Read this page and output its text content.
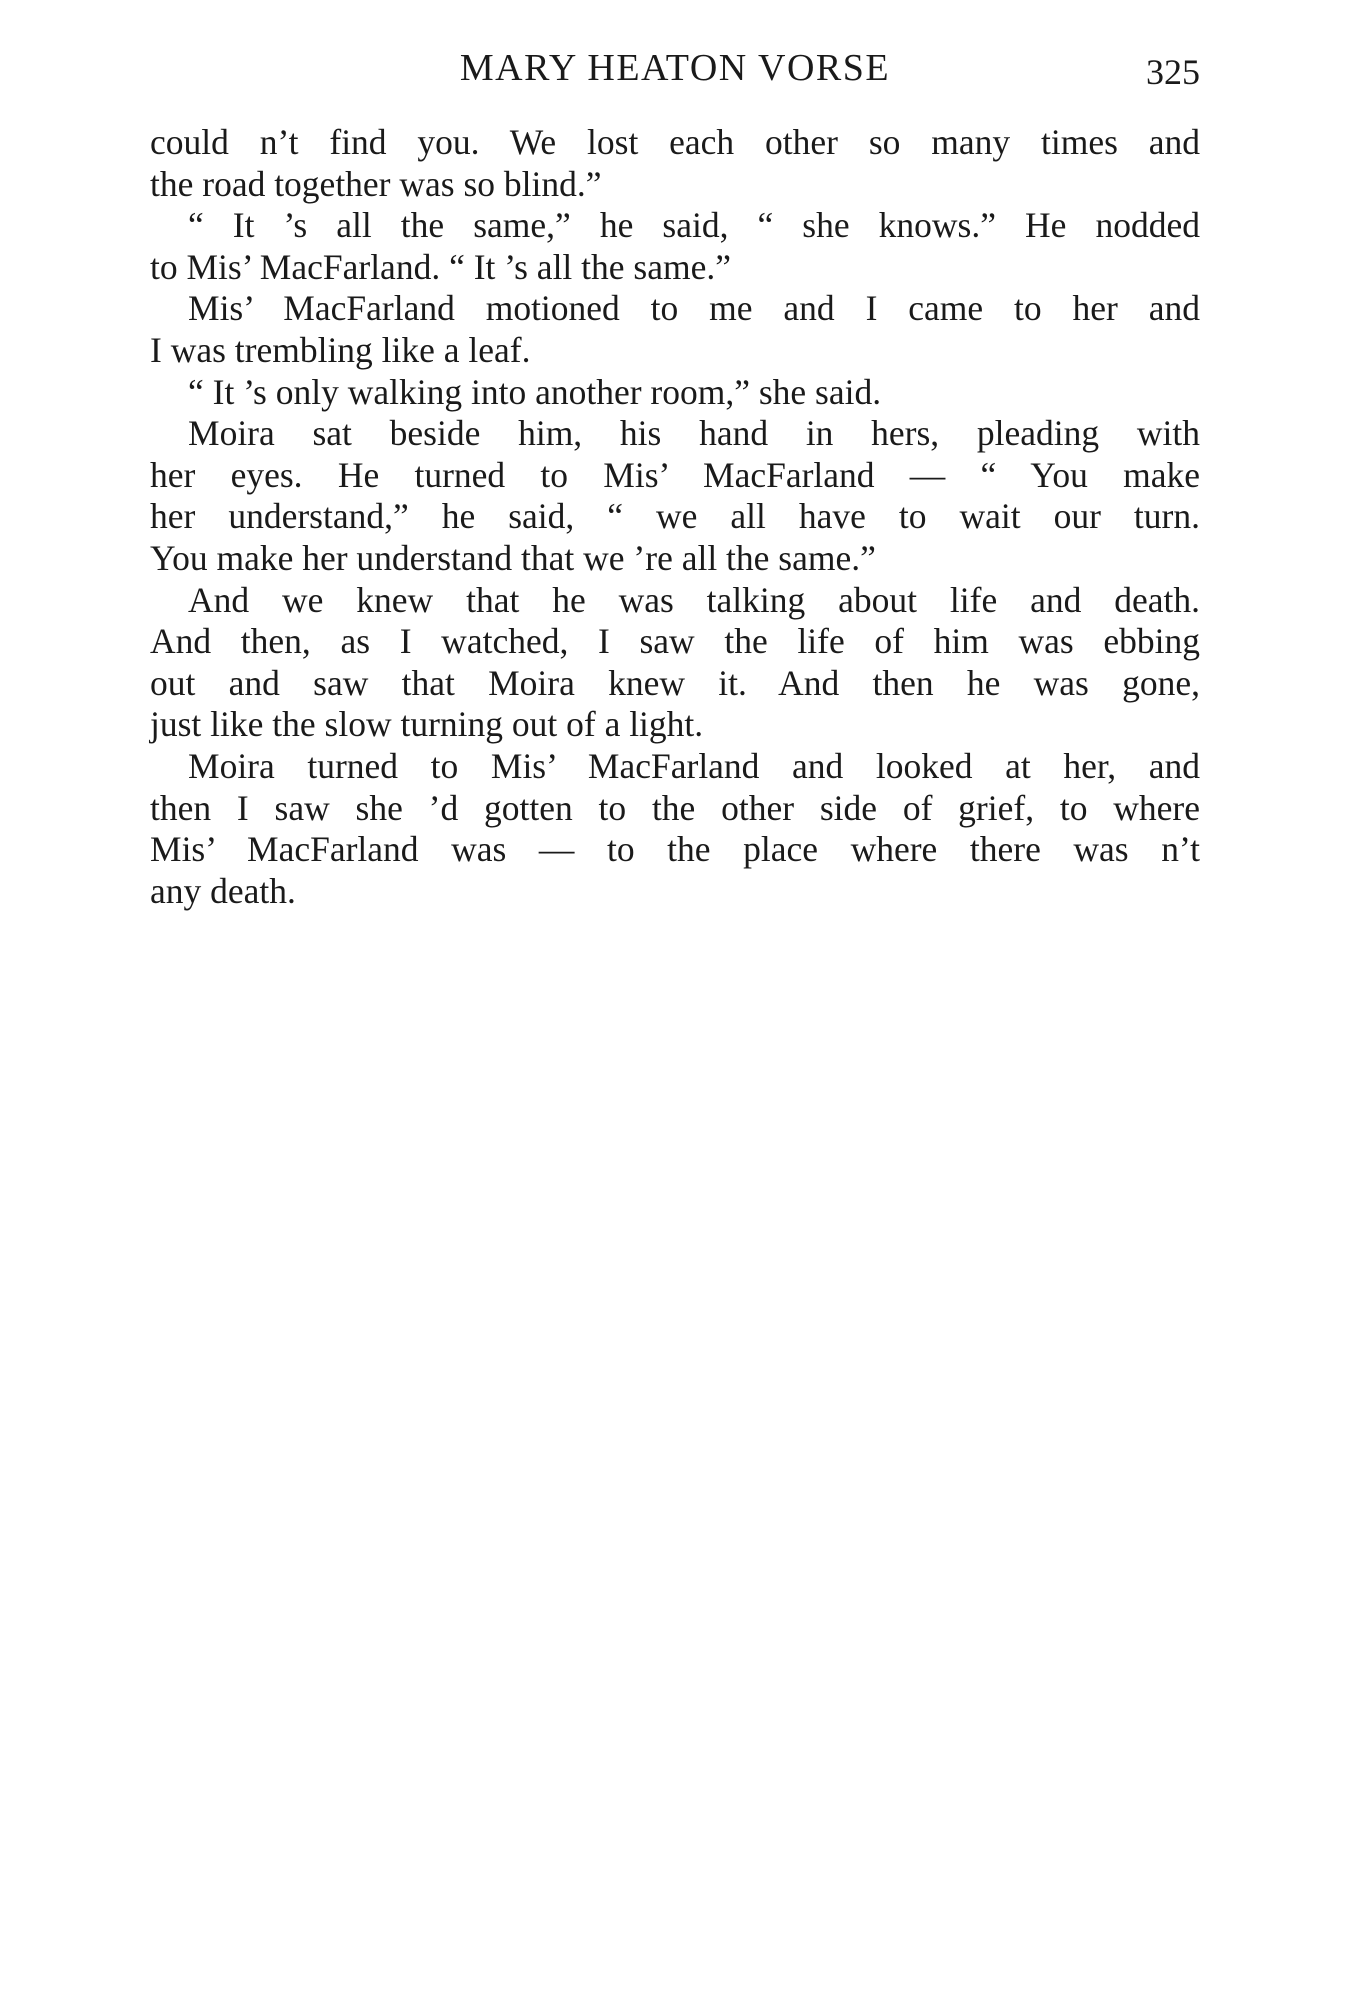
MARY HEATON VORSE	325
could n’t find you. We lost each other so many times and
the road together was so blind.”
“ It ’s all the same,” he said, “ she knows.” He nodded
to Mis’ MacFarland. “ It ’s all the same.”
Mis’ MacFarland motioned to me and I came to her and
I was trembling like a leaf.
“ It ’s only walking into another room,” she said.
Moira sat beside him, his hand in hers, pleading with
her eyes. He turned to Mis’ MacFarland — “ You make
her understand,” he said, “ we all have to wait our turn.
You make her understand that we ’re all the same.”
And we knew that he was talking about life and death.
And then, as I watched, I saw the life of him was ebbing
out and saw that Moira knew it. And then he was gone,
just like the slow turning out of a light.
Moira turned to Mis’ MacFarland and looked at her, and
then I saw she ’d gotten to the other side of grief, to where
Mis’ MacFarland was — to the place where there was n’t
any death.
